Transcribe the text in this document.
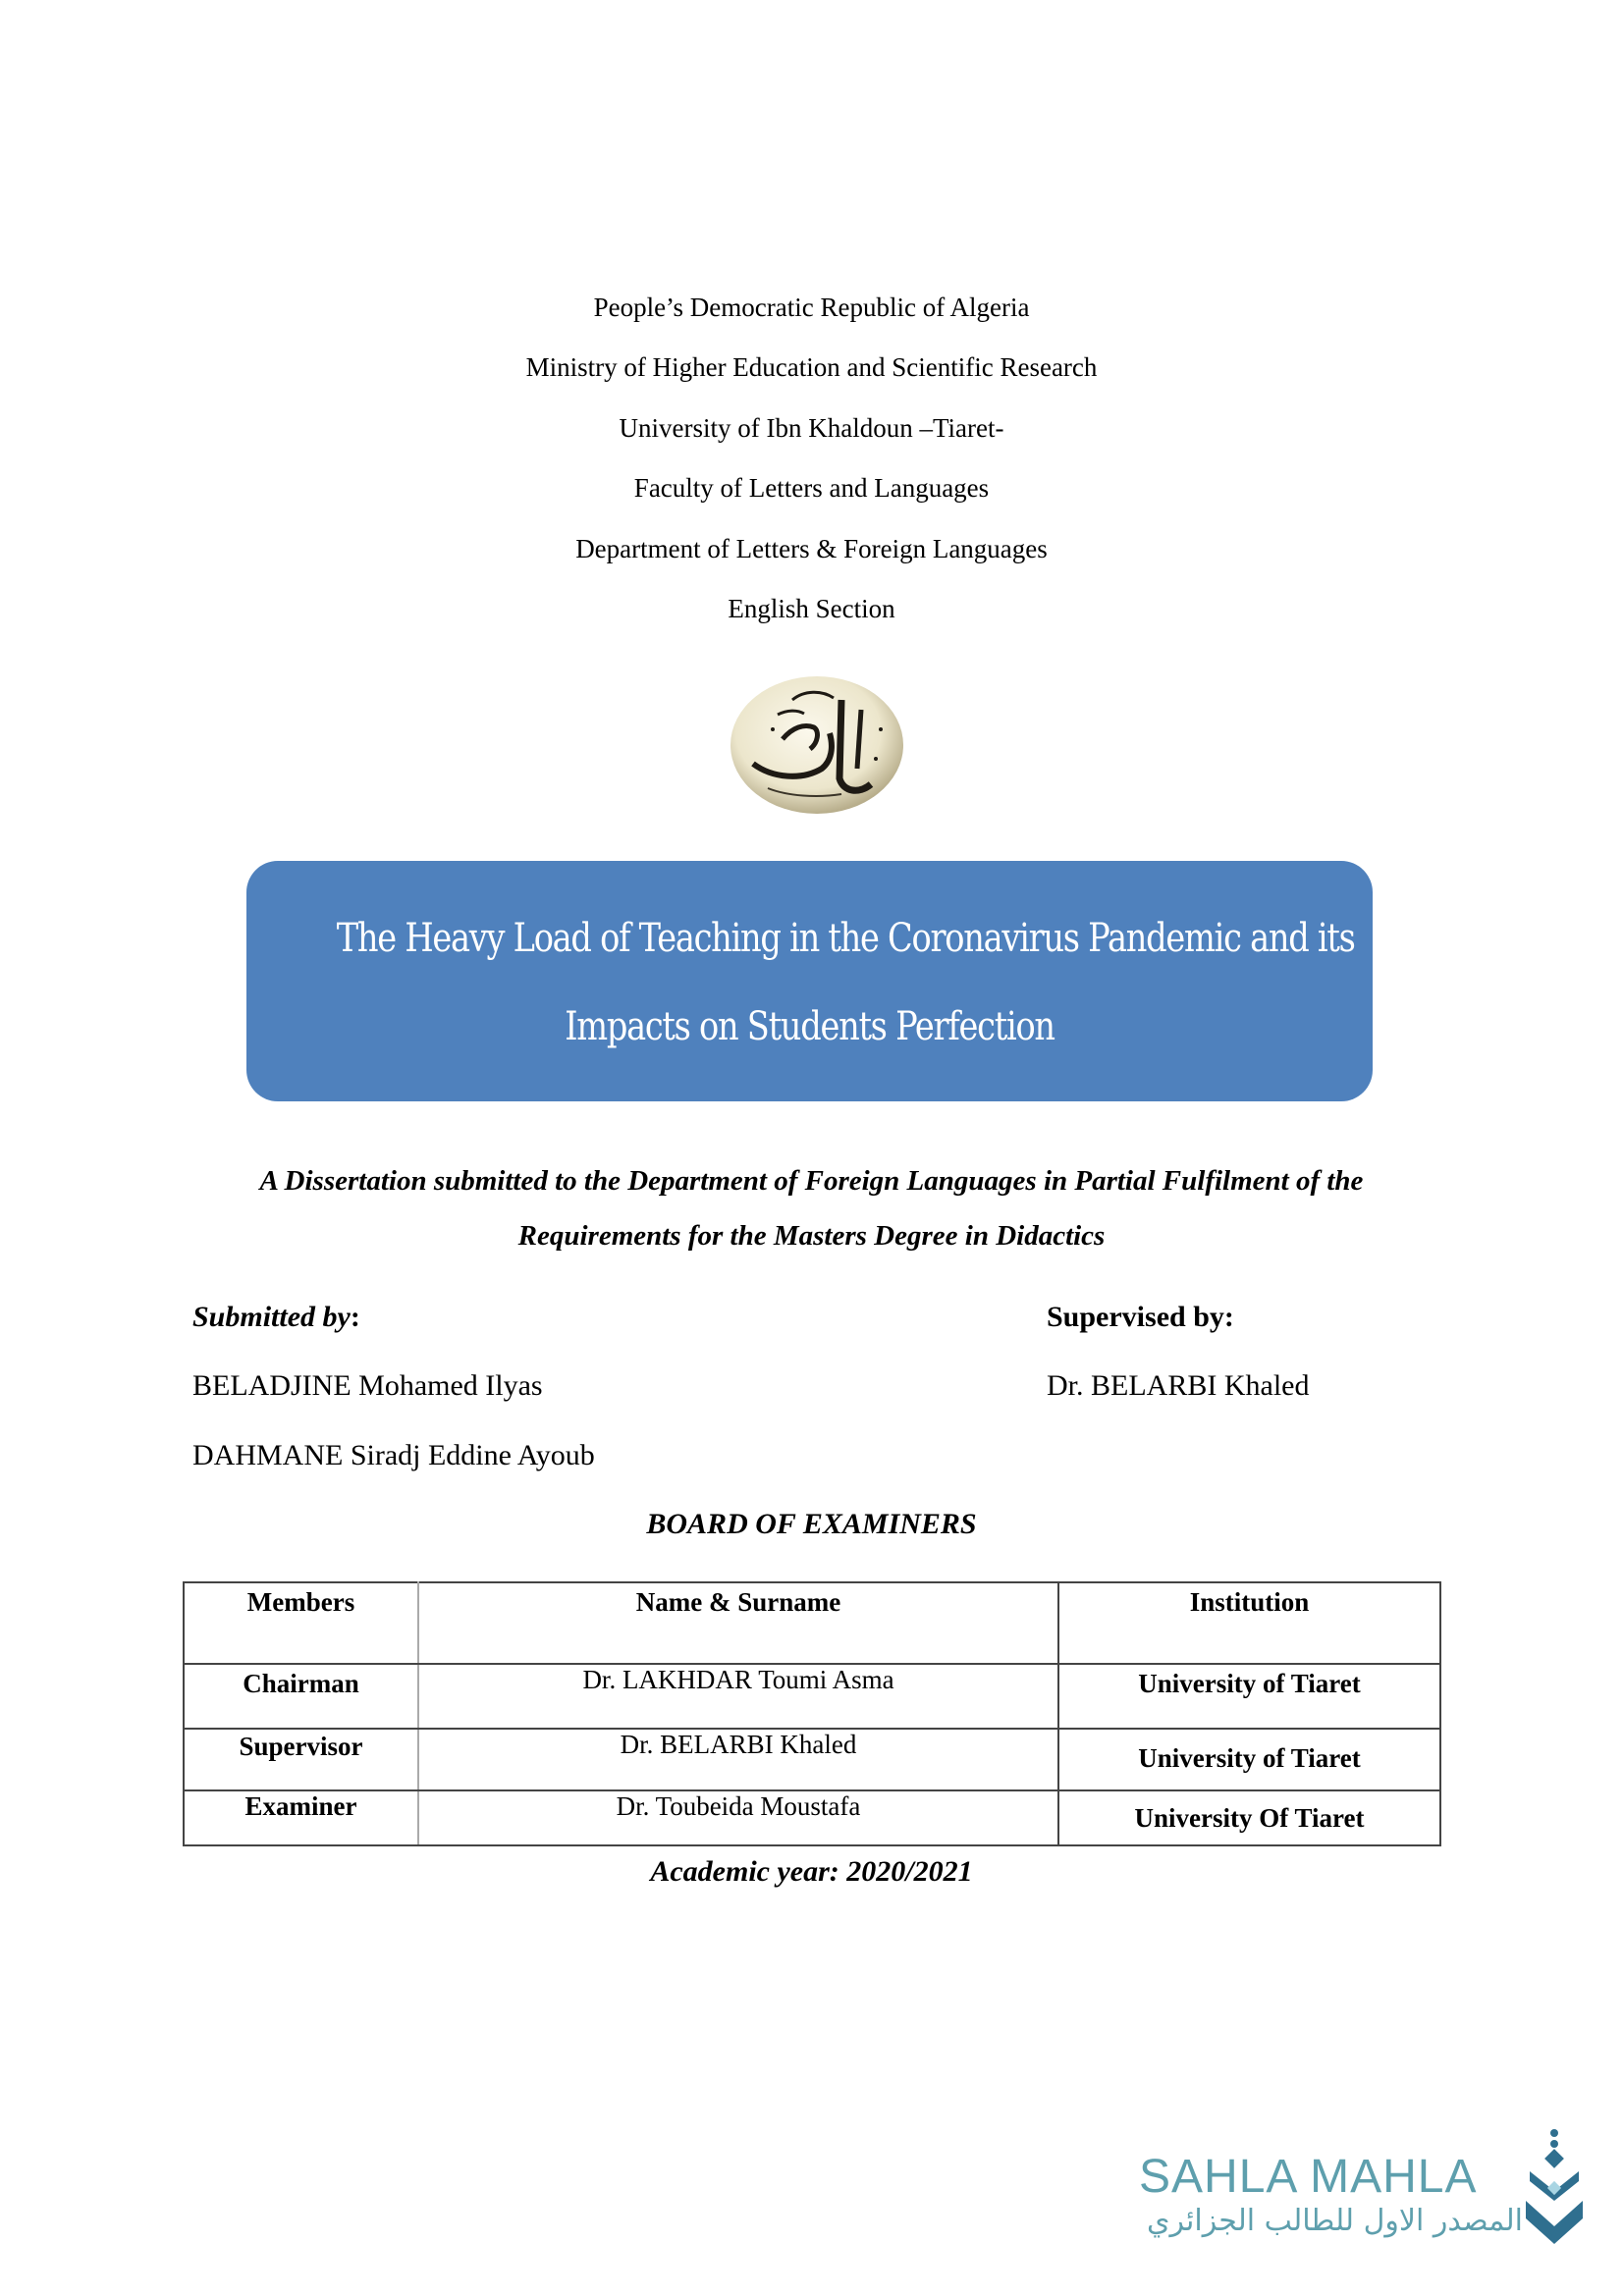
People’s Democratic Republic of Algeria
Ministry of Higher Education and Scientific Research
University of Ibn Khaldoun –Tiaret-
Faculty of Letters and Languages
Department of Letters & Foreign Languages
English Section
The Heavy Load of Teaching in the Coronavirus Pandemic and its
Impacts on Students Perfection
A Dissertation submitted to the Department of Foreign Languages in Partial Fulfilment of the
Requirements for the Masters Degree in Didactics
Submitted by:
BELADJINE Mohamed Ilyas
DAHMANE Siradj Eddine Ayoub
Supervised by:
Dr. BELARBI Khaled
BOARD OF EXAMINERS
Members	Name & Surname	Institution
Chairman	Dr. LAKHDAR Toumi Asma	University of Tiaret
Supervisor	Dr. BELARBI Khaled	University of Tiaret
Examiner	Dr. Toubeida Moustafa	University Of Tiaret
Academic year: 2020/2021
SAHLA MAHLA
المصدر الاول للطالب الجزائري
